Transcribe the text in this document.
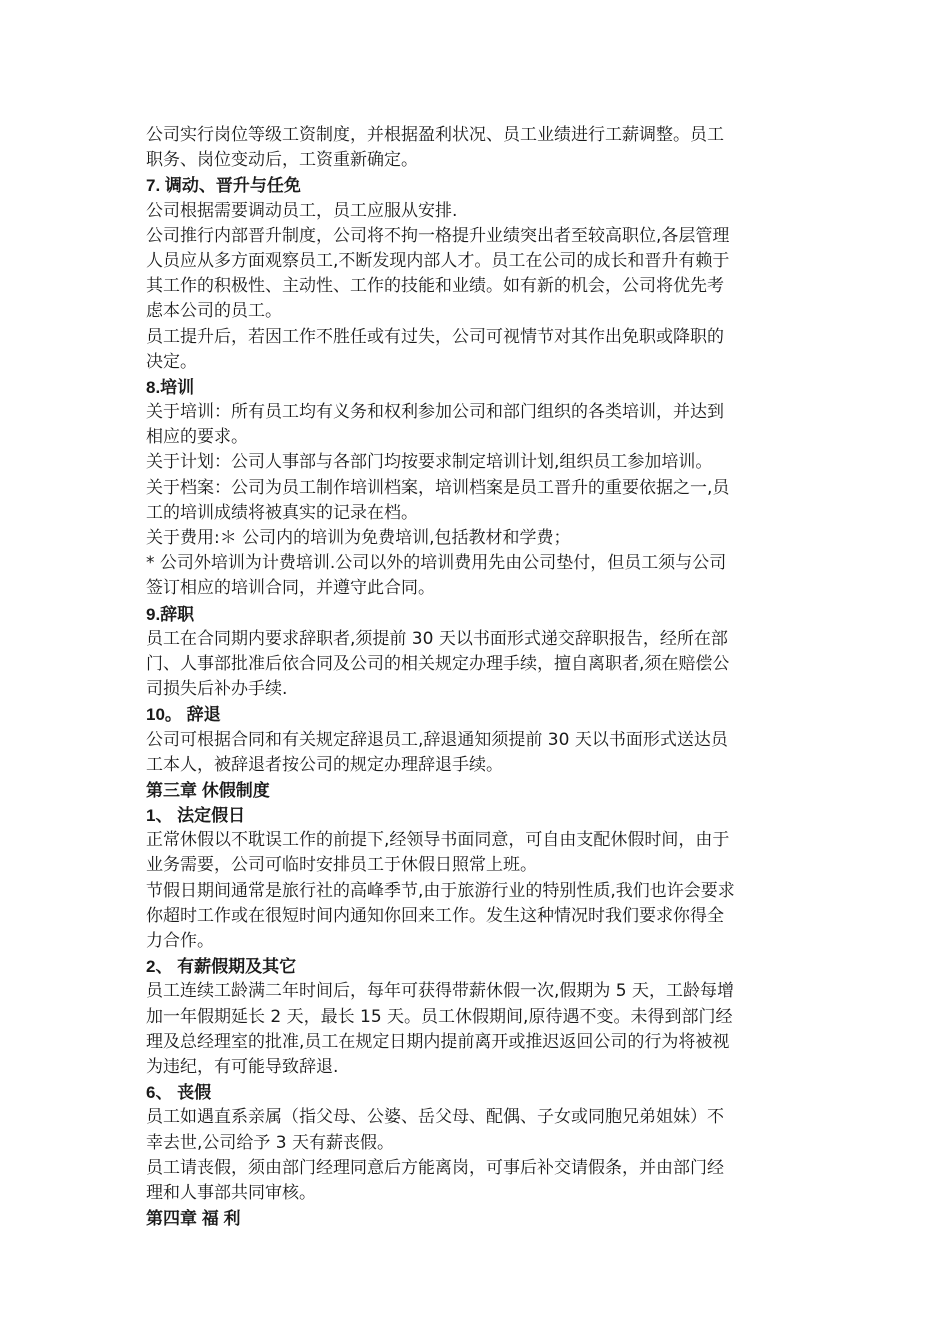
公司实行岗位等级工资制度，并根据盈利状况、员工业绩进行工薪调整。员工
职务、岗位变动后，工资重新确定。
7. 调动、晋升与任免
公司根据需要调动员工，员工应服从安排.
公司推行内部晋升制度，公司将不拘一格提升业绩突出者至较高职位,各层管理
人员应从多方面观察员工,不断发现内部人才。员工在公司的成长和晋升有赖于
其工作的积极性、主动性、工作的技能和业绩。如有新的机会，公司将优先考
虑本公司的员工。
员工提升后，若因工作不胜任或有过失，公司可视情节对其作出免职或降职的
决定。
8.培训
关于培训：所有员工均有义务和权利参加公司和部门组织的各类培训，并达到
相应的要求。
关于计划：公司人事部与各部门均按要求制定培训计划,组织员工参加培训。
关于档案：公司为员工制作培训档案，培训档案是员工晋升的重要依据之一,员
工的培训成绩将被真实的记录在档。
关于费用:＊ 公司内的培训为免费培训,包括教材和学费；
* 公司外培训为计费培训.公司以外的培训费用先由公司垫付，但员工须与公司
签订相应的培训合同，并遵守此合同。
9.辞职
员工在合同期内要求辞职者,须提前 30 天以书面形式递交辞职报告，经所在部
门、人事部批准后依合同及公司的相关规定办理手续，擅自离职者,须在赔偿公
司损失后补办手续.
10。 辞退
公司可根据合同和有关规定辞退员工,辞退通知须提前 30 天以书面形式送达员
工本人，被辞退者按公司的规定办理辞退手续。
第三章 休假制度
1、 法定假日
正常休假以不耽误工作的前提下,经领导书面同意，可自由支配休假时间，由于
业务需要，公司可临时安排员工于休假日照常上班。
节假日期间通常是旅行社的高峰季节,由于旅游行业的特别性质,我们也许会要求
你超时工作或在很短时间内通知你回来工作。发生这种情况时我们要求你得全
力合作。
2、 有薪假期及其它
员工连续工龄满二年时间后，每年可获得带薪休假一次,假期为 5 天，工龄每增
加一年假期延长 2 天，最长 15 天。员工休假期间,原待遇不变。未得到部门经
理及总经理室的批准,员工在规定日期内提前离开或推迟返回公司的行为将被视
为违纪，有可能导致辞退.
6、 丧假
员工如遇直系亲属（指父母、公婆、岳父母、配偶、子女或同胞兄弟姐妹）不
幸去世,公司给予 3 天有薪丧假。
员工请丧假，须由部门经理同意后方能离岗，可事后补交请假条，并由部门经
理和人事部共同审核。
第四章 福 利
